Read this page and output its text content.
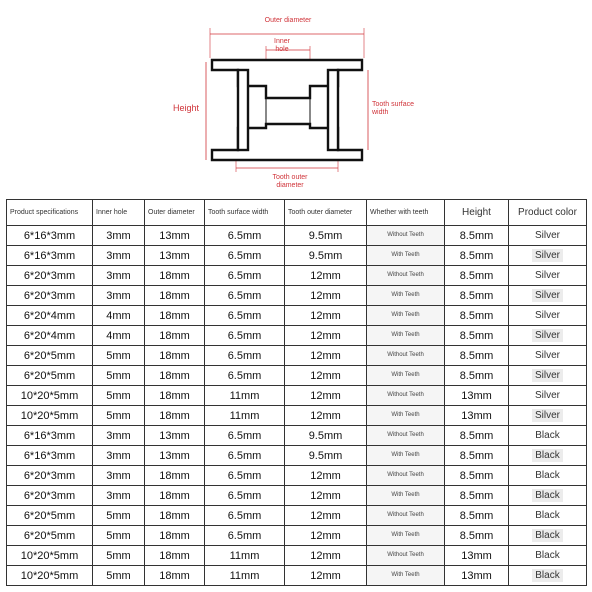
Outer diameter
Inner hole
Height	Tooth surface width
Tooth outer diameter
Product specifications	Inner hole	Outer diameter	Tooth surface width	Tooth outer diameter	Whether with teeth	Height	Product color
6*16*3mm	3mm	13mm	6.5mm	9.5mm	Without Teeth	8.5mm	Silver
6*16*3mm	3mm	13mm	6.5mm	9.5mm	With Teeth	8.5mm	Silver
6*20*3mm	3mm	18mm	6.5mm	12mm	Without Teeth	8.5mm	Silver
6*20*3mm	3mm	18mm	6.5mm	12mm	With Teeth	8.5mm	Silver
6*20*4mm	4mm	18mm	6.5mm	12mm	With Teeth	8.5mm	Silver
6*20*4mm	4mm	18mm	6.5mm	12mm	With Teeth	8.5mm	Silver
6*20*5mm	5mm	18mm	6.5mm	12mm	Without Teeth	8.5mm	Silver
6*20*5mm	5mm	18mm	6.5mm	12mm	With Teeth	8.5mm	Silver
10*20*5mm	5mm	18mm	11mm	12mm	Without Teeth	13mm	Silver
10*20*5mm	5mm	18mm	11mm	12mm	With Teeth	13mm	Silver
6*16*3mm	3mm	13mm	6.5mm	9.5mm	Without Teeth	8.5mm	Black
6*16*3mm	3mm	13mm	6.5mm	9.5mm	With Teeth	8.5mm	Black
6*20*3mm	3mm	18mm	6.5mm	12mm	Without Teeth	8.5mm	Black
6*20*3mm	3mm	18mm	6.5mm	12mm	With Teeth	8.5mm	Black
6*20*5mm	5mm	18mm	6.5mm	12mm	Without Teeth	8.5mm	Black
6*20*5mm	5mm	18mm	6.5mm	12mm	With Teeth	8.5mm	Black
10*20*5mm	5mm	18mm	11mm	12mm	Without Teeth	13mm	Black
10*20*5mm	5mm	18mm	11mm	12mm	With Teeth	13mm	Black
